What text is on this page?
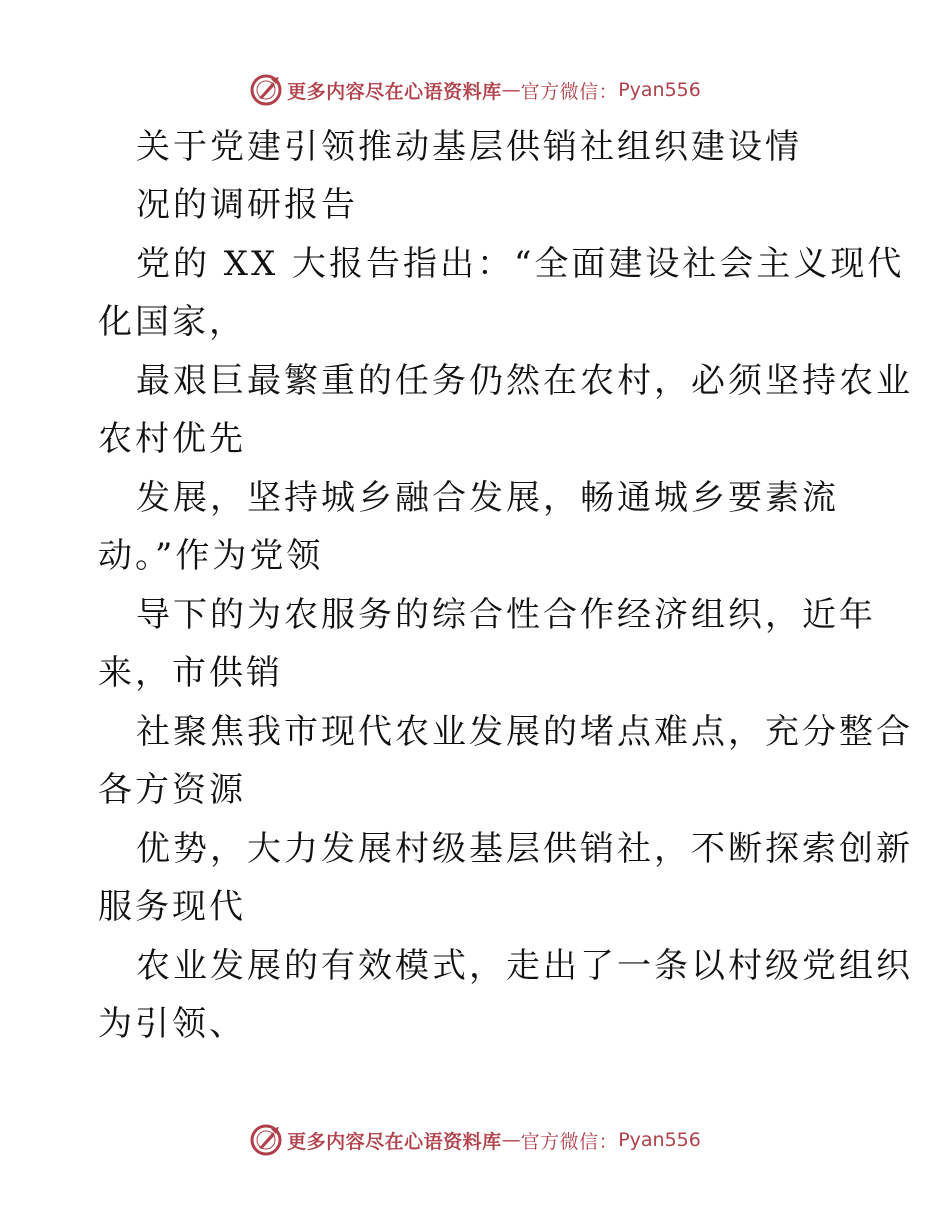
更多内容尽在心语资料库 — 官方微信： Pyan556
关于党建引领推动基层供销社组织建设情
况的调研报告
党的 XX 大报告指出：“全面建设社会主义现代
化国家，
最艰巨最繁重的任务仍然在农村，必须坚持农业
农村优先
发展，坚持城乡融合发展，畅通城乡要素流
动。”作为党领
导下的为农服务的综合性合作经济组织，近年
来，市供销
社聚焦我市现代农业发展的堵点难点，充分整合
各方资源
优势，大力发展村级基层供销社，不断探索创新
服务现代
农业发展的有效模式，走出了一条以村级党组织
为引领、
更多内容尽在心语资料库 — 官方微信： Pyan556
